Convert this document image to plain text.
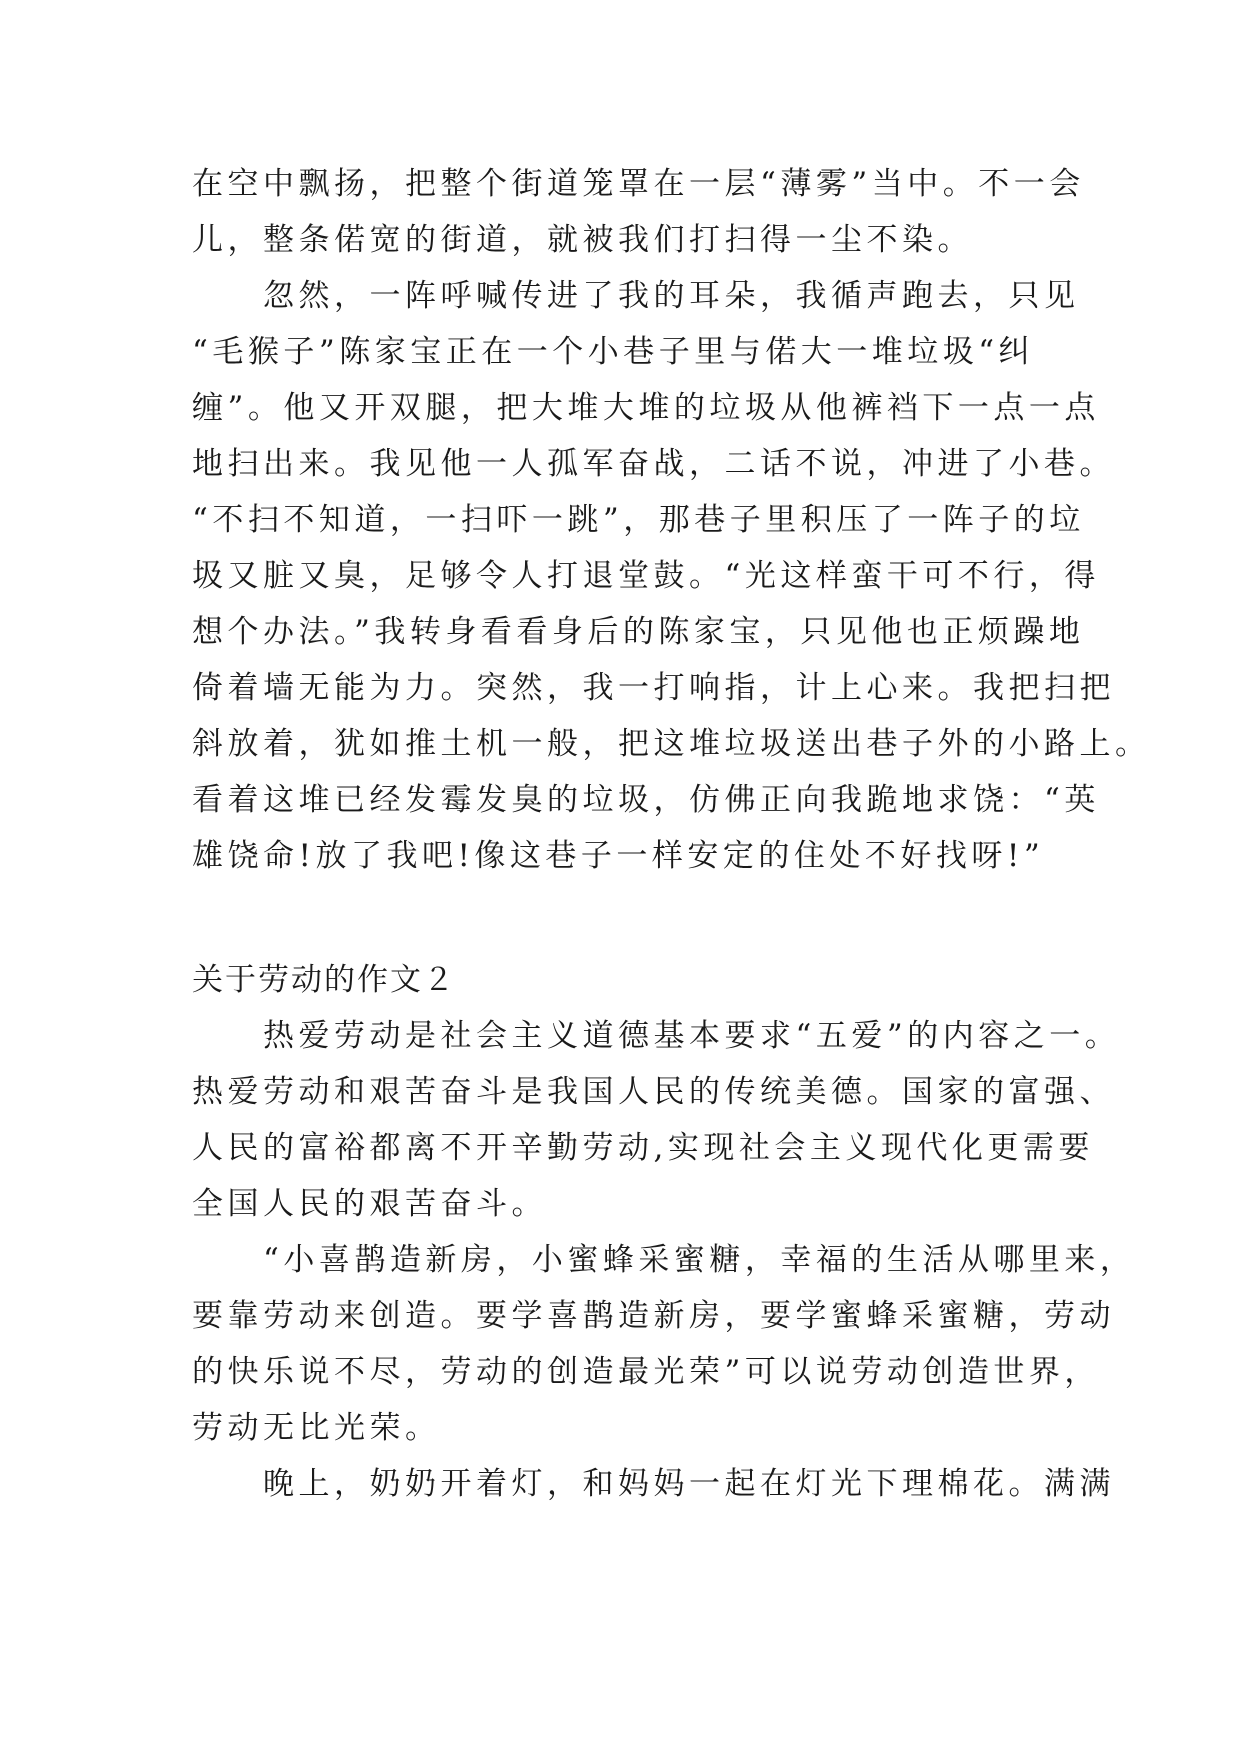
在空中飘扬，把整个街道笼罩在一层“薄雾”当中。不一会
儿，整条偌宽的街道，就被我们打扫得一尘不染。
　　忽然，一阵呼喊传进了我的耳朵，我循声跑去，只见
“毛猴子”陈家宝正在一个小巷子里与偌大一堆垃圾“纠
缠”。他又开双腿，把大堆大堆的垃圾从他裤裆下一点一点
地扫出来。我见他一人孤军奋战，二话不说，冲进了小巷。
“不扫不知道，一扫吓一跳”，那巷子里积压了一阵子的垃
圾又脏又臭，足够令人打退堂鼓。“光这样蛮干可不行，得
想个办法。”我转身看看身后的陈家宝，只见他也正烦躁地
倚着墙无能为力。突然，我一打响指，计上心来。我把扫把
斜放着，犹如推土机一般，把这堆垃圾送出巷子外的小路上。
看着这堆已经发霉发臭的垃圾，仿佛正向我跪地求饶：“英
雄饶命!放了我吧!像这巷子一样安定的住处不好找呀!”
关于劳动的作文２
　　热爱劳动是社会主义道德基本要求“五爱”的内容之一。
热爱劳动和艰苦奋斗是我国人民的传统美德。国家的富强、
人民的富裕都离不开辛勤劳动,实现社会主义现代化更需要
全国人民的艰苦奋斗。
　　“小喜鹊造新房，小蜜蜂采蜜糖，幸福的生活从哪里来，
要靠劳动来创造。要学喜鹊造新房，要学蜜蜂采蜜糖，劳动
的快乐说不尽，劳动的创造最光荣”可以说劳动创造世界，
劳动无比光荣。
　　晚上，奶奶开着灯，和妈妈一起在灯光下理棉花。满满
